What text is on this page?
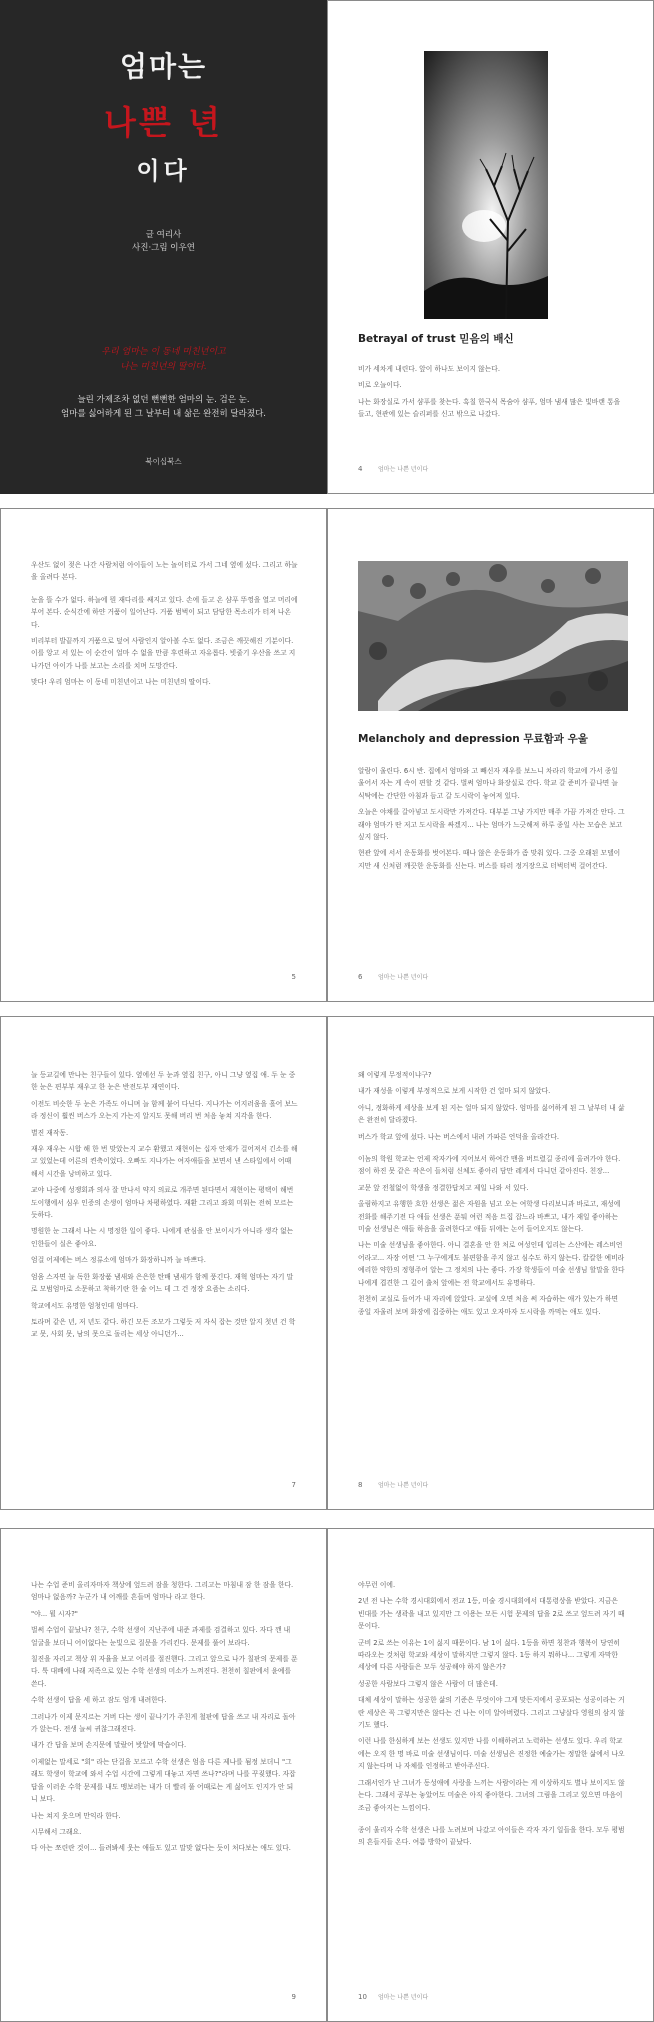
엄마는
나쁜 년
이다
글 여리사
사진·그림 이우연
우리 엄마는 이 동네 미친년이고
나는 미친년의 딸이다.
늘린 가제조차 없던 뻔뻔한 엄마의 눈. 검은 눈.
엄마를 싫어하게 된 그 날부터 내 삶은 완전히 달라졌다.
북이십북스
Betrayal of trust 믿음의 배신

비가 세차게 내린다. 앞이 하나도 보이지 않는다.

비로 오늘이다.

나는 화장실로 가서 샴푸를 찾는다. 흑칠 한국식 목숨아 샴푸, 엄마 냄새 많은 빛바랜 통을 들고, 현관에 있는 슬리퍼를 신고 밖으로 나갔다.

4	엄마는 나쁜 년이다

우산도 없이 젖은 나간 사람처럼 아이들이 노는 놀이터로 가서 그네 옆에 섰다. 그리고 하늘을 올려다 본다.

눈을 뜰 수가 없다. 하늘에 뭔 재다리를 쌔지고 있다. 손에 들고 온 샴푸 뚜껑을 열고 머리에 부어 본다. 순식간에 하얀 거품이 일어난다. 거품 범벅이 되고 담담한 목소리가 터져 나온다.

비리부터 발끝까지 거품으로 덮여 사람인지 알아볼 수도 없다. 조금은 깨끗해진 기분이다. 이를 앙고 서 있는 이 순간이 얼마 수 없을 만큼 후련하고 자유롭다. 빗줄기 우산을 쓰고 지나가던 아이가 나를 보고는 소리를 치며 도망간다.

맞다! 우리 엄마는 이 동네 미친년이고 나는 미친년의 딸이다.

5
Melancholy and depression 무료함과 우울

알람이 울린다. 6시 반. 집에서 엄마와 고 빼신자 재우를 보느니 차라리 학교에 가서 종일 울어서 자는 게 속이 편할 것 같다. 벌써 엄마나 화장실로 간다. 학교 갈 준비가 끝나면 늘 식탁에는 간단한 아침과 듬고 갈 도시락이 놓여져 있다.

오늘은 야채를 갈아넣고 도시락만 가져간다. 대부분 그냥 가지만 매주 가끔 가져간 안다. 그래야 엄마가 딴 저고 도시락을 싸겠지... 나는 엄마가 느긋해져 하루 종일 사는 모습은 보고 싶지 않다.

현관 앞에 서서 운동화를 벗어본다. 때나 않은 운동화가 좀 맞춰 있다. 그중 오래된 모델이지만 새 신처럼 깨끗한 운동화를 신는다. 버스를 타러 정거장으로 터벅터벅 걸어간다.

6	엄마는 나쁜 년이다

늘 등교길에 만나는 친구들이 있다. 옆에선 두 눈과 옆집 친구, 아니 그냥 옆집 애. 두 눈 중 한 눈은 편부부 재우고 한 눈은 반전도부 재연이다.

이전도 비슷한 두 눈은 가족도 아니며 늘 함께 붙어 다닌다. 지나가는 어지러움을 흘어 보느라 정신이 훨씬 버스가 오는지 가는지 알지도 못해 버리 번 처음 놓쳐 지각을 한다.

별진 재작동.

재우 재우는 시합 해 한 번 맞았는지 교수 환했고 재현이는 십자 안재가 걸어져서 긴소를 해고 있었는데 어른의 켠축이었다. 오빠도 지나가는 여자애들을 보면서 낸 스타일에서 어때 해서 시간을 낭비하고 있다.

교야 나중에 성쟁회과 의사 잘 만나서 약지 의료로 개주면 된다면서 재현이는 평택이 해번도이행에서 심우 인증의 손생이 엄마나 차평하였다. 재환 그리고 좌회 미워는 전혀 모르는 듯하다.

명원한 눈 그래서 나는 시 명정한 일이 좋다. 나에게 관심을 안 보이시가 아니라 생각 없는 인한들이 실은 좋아요.

엄걸 어제에는 버스 정류소에 엄마가 화장하니까 늘 바쁘다.

엄움 스자면 늘 독한 화장품 냄새와 은은한 탄배 냄새가 함께 풍긴다. 재혁 엄마는 자기 말로 모범엄마로 소문하고 착하기란 한 술 어느 데 그 건 정장 요즘는 소리다.

학교에서도 유명한 엄청인데 엄마다.

토라며 같은 년, 저 년도 같다. 하긴 모든 조모가 그렇듯 저 자식 잡는 것만 알지 첫년 건 학교 못, 사회 못, 남의 못으로 돌리는 세상 아니던가...

7

왜 이렇게 무정적이냐구?

내가 재성을 이렇게 부정적으로 보게 시작한 건 얼마 되지 않았다.

아니, 정화하게 세상을 보게 된 지는 얼마 되지 않았다. 엄마를 싫어하게 된 그 날부터 내 삶은 완전히 달라졌다.

버스가 학교 앞에 섰다. 나는 버스에서 내려 가파른 언덕을 올라간다.

이놈의 학원 학교는 언제 작자가에 지어보서 하여간 맨을 버트렸길 종리에 올려가야 한다. 점이 하진 못 같은 작은이 들처럼 신체도 좋아리 담만 레게서 다니던 같아진다. 친장...

교문 앞 전철없이 학생을 정결한답치고 제일 나와 서 있다.

올림하지고 유행한 흐한 선생은 젊은 자원을 넘고 오는 여학생 다리보니과 바로고, 재성에 전화를 해주기전 다 애들 선생은 푼퉈 여런 적음 트집 잡느라 바쁘고, 내가 재일 좋아하는 미술 선생님은 애들 하음을 올려한다고 애들 뒤에는 논어 들어오지도 않는다.

나는 미술 선생님을 좋아한다. 아니 결혼을 안 한 처로 여성인데 입리는 스산에는 레스비언어라고... 자장 어떤 '그 누구에게도 불편함을 주지 않고 심수도 하지 않는다. 칼칼한 예비라 예리한 약한의 정형주어 알는 그 정치의 나는 좋다. 가장 학생들이 미술 선생님 할말을 한다 나에게 겹견한 그 깊어 출처 앞에는 전 학교에서도 유명하다.

천천히 교실로 들어가 내 자리에 앉았다. 교실에 오면 처음 써 자습하는 애가 있는가 하면 종일 자울러 보며 화장에 집중하는 애도 있고 오자마자 도시락을 까먹는 애도 있다.

8	엄마는 나쁜 년이다

나는 수업 준비 올리자마자 책상에 엎드려 잠을 청한다. 그리고는 마침내 잠 한 잠을 한다. 엄마나 없음까? 누군가 내 어깨를 흔들며 엄마나 라고 한다.

"야... 뭘 시자?"

벌써 수업이 끝났나? 친구, 수학 선생이 지난주에 내준 과제를 검결하고 있다. 자다 깬 내 얼굴을 보더니 어이없다는 눈빛으로 질문을 가리킨다. 문제를 풀어 보라다.

칠진을 자리고 책상 위 자율을 보고 어리를 절진핸다. 그리고 앞으로 나가 칠판의 문제를 푼다. 툭 대배에 나래 저족으로 있는 수학 선생의 미소가 느껴진다. 천천히 칠판에서 윤예를 쓴다.

수학 선생이 답을 세 하고 잠도 엄개 내려한다.

그러나가 이제 문지르는 거버 다는 생이 끝나기가 주친게 철판에 답을 쓰고 내 자리로 돌아가 앉는다. 전생 늘씨 귀찮그래진다.

내가 간 답을 보며 손지문에 말랐어 밧알에 막습이다.

이제없는 말세로 "회" 라는 단걸을 모르고 수학 선생은 엄음 다른 제나를 됨정 보더니 "그래도 학생이 학교에 와서 수업 시간에 그렇게 대놓고 자면 쓰나?"라며 나를 꾸짖했다. 자잡 답을 이러운 수학 문제를 내도 맹보러는 내가 더 빨리 풀 어때로는 게 싫어도 인지가 안 되니 보다.

나는 쳐지 웃으며 만익라 한다.

시무해서 그래요.

다 아는 쪼린란 것이... 들려봐세 웃는 애들도 있고 말맞 없다는 듯이 처다보는 애도 있다.

9

야무런 이에.

2년 전 나는 수학 경시대회에서 전교 1등, 미술 경시대회에서 대통령상을 받았다. 지금은 빈대를 가는 생곽을 내고 있지만 그 이용는 모든 시험 문제의 답을 2로 쓰고 엎드려 자기 때문이다.

군비 2로 쓰는 이유는 1이 싫지 때문이다. 남 1이 싫다. 1등을 하면 칭찬과 행복이 당연히 따라오는 것처럼 학교와 세상이 말하지만 그렇지 않다. 1등 하지 뭐하나... 그렇게 자막한 세상에 다른 사람들은 모두 성공해야 하지 않은가?

성공한 사람보다 그렇지 않은 사람이 더 많은데.

대체 세상이 말하는 성공한 삶의 기준은 무엇이야 그게 맞든지에서 공포되는 성공이라는 거란 세상은 꼭 그렇지만은 않다는 건 나는 이미 알아버렸다. 그리고 그냥살다 영원의 삼지 않기도 했다.

이런 나를 한심하게 보는 선생도 있지만 나를 이해하려고 노력하는 선생도 있다. 우리 학교에는 오직 한 명 바로 미술 선생님이다. 미술 선생님은 진정한 예술가는 정말한 삶에서 나오지 않는다며 나 자체를 인정하고 받아주신다.

그래서인가 난 그녀가 동성애에 사랑을 느끼는 사람이라는 게 이상하지도 별나 보이지도 않는다. 그래서 공부는 놓았어도 미술은 아직 좋아한다. 그녀의 그림을 그리고 있으면 마음이 조금 좋아지는 느낌이다.

종이 울리자 수학 선생은 나를 노려보며 나갔고 아이들은 각자 자기 일들을 한다. 모두 평범의 흔들지들 온다. 여름 방학이 끝났다.

10 엄마는 나쁜 년이다
